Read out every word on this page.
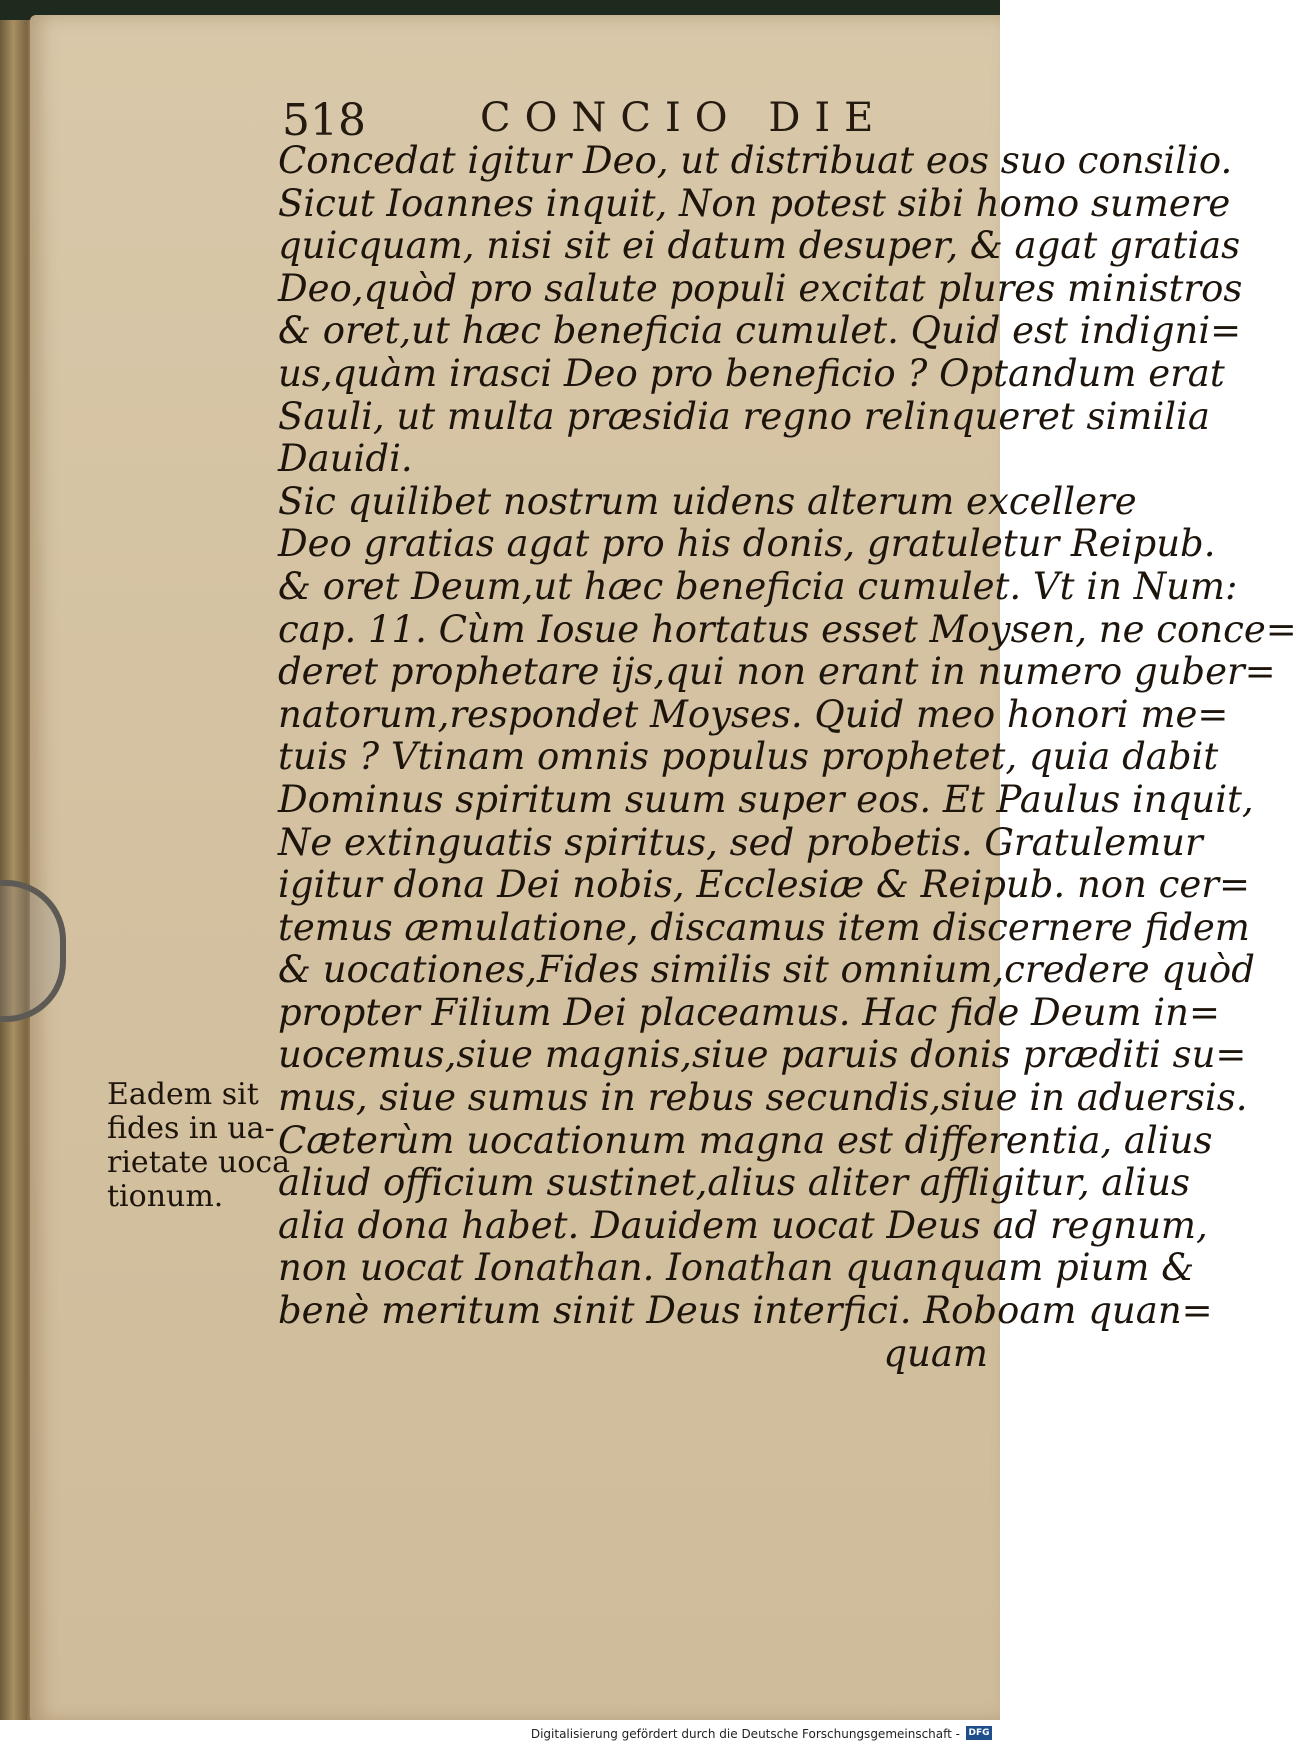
518	CONCIO DIE
Concedat igitur Deo, ut distribuat eos suo consilio.
Sicut Ioannes inquit, Non potest sibi homo sumere
quicquam, nisi sit ei datum desuper, & agat gratias
Deo,quòd pro salute populi excitat plures ministros
& oret,ut hæc beneficia cumulet. Quid est indigni=
us,quàm irasci Deo pro beneficio ? Optandum erat
Sauli, ut multa præsidia regno relinqueret similia
Dauidi.
Sic quilibet nostrum uidens alterum excellere
Deo gratias agat pro his donis, gratuletur Reipub.
& oret Deum,ut hæc beneficia cumulet. Vt in Num:
cap. 11. Cùm Iosue hortatus esset Moysen, ne conce=
deret prophetare ijs,qui non erant in numero guber=
natorum,respondet Moyses. Quid meo honori me=
tuis ? Vtinam omnis populus prophetet, quia dabit
Dominus spiritum suum super eos. Et Paulus inquit,
Ne extinguatis spiritus, sed probetis. Gratulemur
igitur dona Dei nobis, Ecclesiæ & Reipub. non cer=
temus æmulatione, discamus item discernere fidem
& uocationes,Fides similis sit omnium,credere quòd
propter Filium Dei placeamus. Hac fide Deum in=
uocemus,siue magnis,siue paruis donis præditi su=
mus, siue sumus in rebus secundis,siue in aduersis.
Cæterùm uocationum magna est differentia, alius
aliud officium sustinet,alius aliter affligitur, alius
alia dona habet. Dauidem uocat Deus ad regnum,
non uocat Ionathan. Ionathan quanquam pium &
benè meritum sinit Deus interfici. Roboam quan=
quam
Eadem sit
fides in ua-
rietate uoca
tionum.
Digitalisierung gefördert durch die Deutsche Forschungsgemeinschaft - DFG
